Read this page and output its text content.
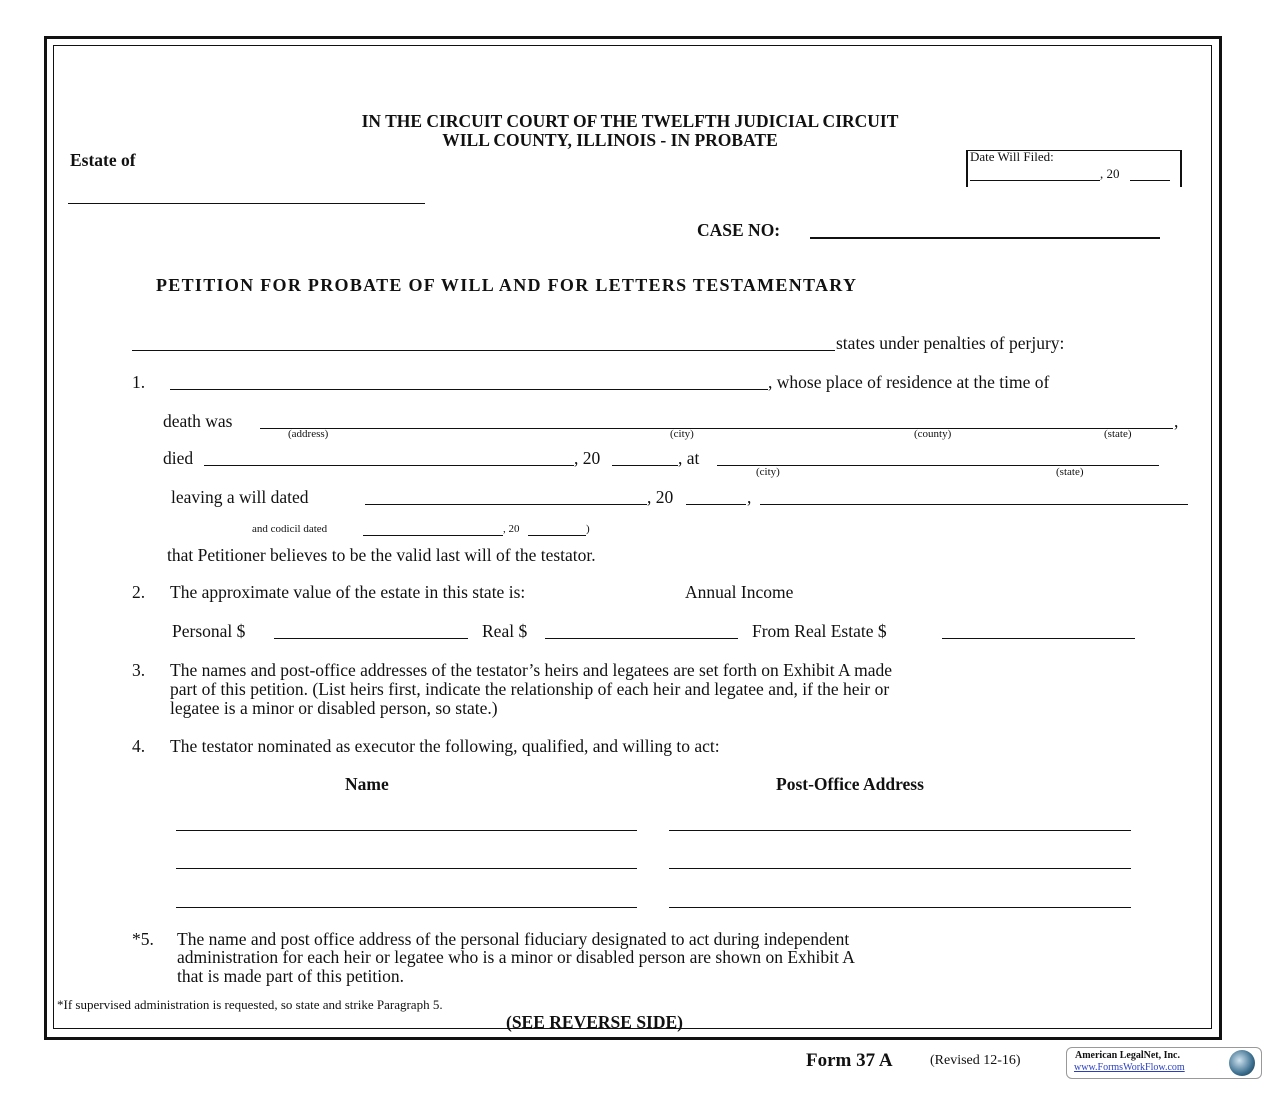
IN THE CIRCUIT COURT OF THE TWELFTH JUDICIAL CIRCUIT
WILL COUNTY, ILLINOIS - IN PROBATE
Estate of	Date Will Filed:
, 20
CASE NO:
PETITION FOR PROBATE OF WILL AND FOR LETTERS TESTAMENTARY
states under penalties of perjury:
1.	, whose place of residence at the time of
death was	,
(address)	(city)	(county)	(state)
died	, 20	, at
(city)	(state)
leaving a will dated	, 20	,
and codicil dated	, 20	)
that Petitioner believes to be the valid last will of the testator.
2. The approximate value of the estate in this state is:	Annual Income
Personal $	Real $	From Real Estate $
3. The names and post-office addresses of the testator’s heirs and legatees are set forth on Exhibit A made
part of this petition. (List heirs first, indicate the relationship of each heir and legatee and, if the heir or
legatee is a minor or disabled person, so state.)
4. The testator nominated as executor the following, qualified, and willing to act:
Name	Post-Office Address
*5. The name and post office address of the personal fiduciary designated to act during independent
administration for each heir or legatee who is a minor or disabled person are shown on Exhibit A
that is made part of this petition.
*If supervised administration is requested, so state and strike Paragraph 5.
(SEE REVERSE SIDE)
Form 37 A	(Revised 12-16)	American LegalNet, Inc.
www.FormsWorkFlow.com
